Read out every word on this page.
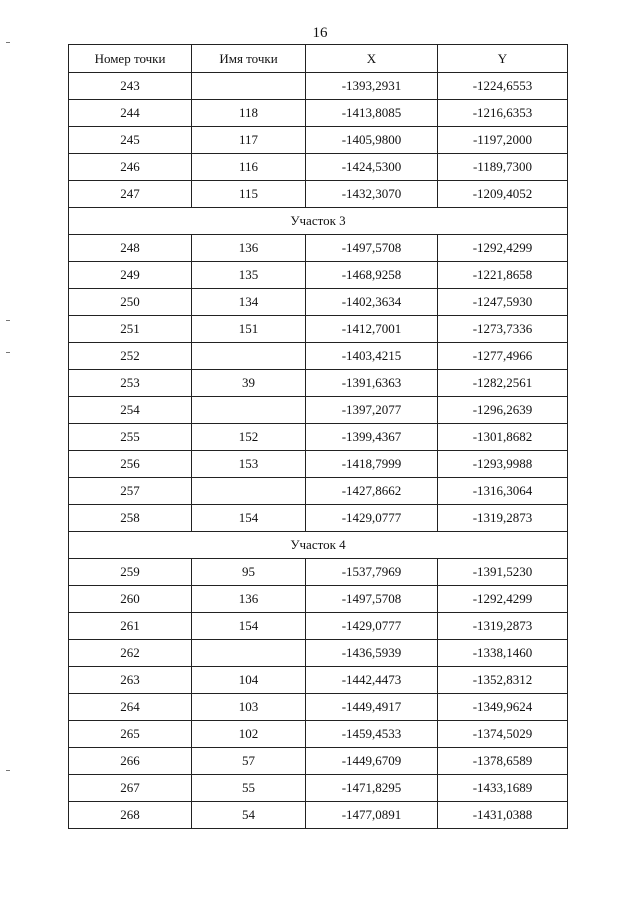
16
Номер точки	Имя точки	X	Y
243		-1393,2931	-1224,6553
244	118	-1413,8085	-1216,6353
245	117	-1405,9800	-1197,2000
246	116	-1424,5300	-1189,7300
247	115	-1432,3070	-1209,4052
Участок 3			
248	136	-1497,5708	-1292,4299
249	135	-1468,9258	-1221,8658
250	134	-1402,3634	-1247,5930
251	151	-1412,7001	-1273,7336
252		-1403,4215	-1277,4966
253	39	-1391,6363	-1282,2561
254		-1397,2077	-1296,2639
255	152	-1399,4367	-1301,8682
256	153	-1418,7999	-1293,9988
257		-1427,8662	-1316,3064
258	154	-1429,0777	-1319,2873
Участок 4			
259	95	-1537,7969	-1391,5230
260	136	-1497,5708	-1292,4299
261	154	-1429,0777	-1319,2873
262		-1436,5939	-1338,1460
263	104	-1442,4473	-1352,8312
264	103	-1449,4917	-1349,9624
265	102	-1459,4533	-1374,5029
266	57	-1449,6709	-1378,6589
267	55	-1471,8295	-1433,1689
268	54	-1477,0891	-1431,0388
